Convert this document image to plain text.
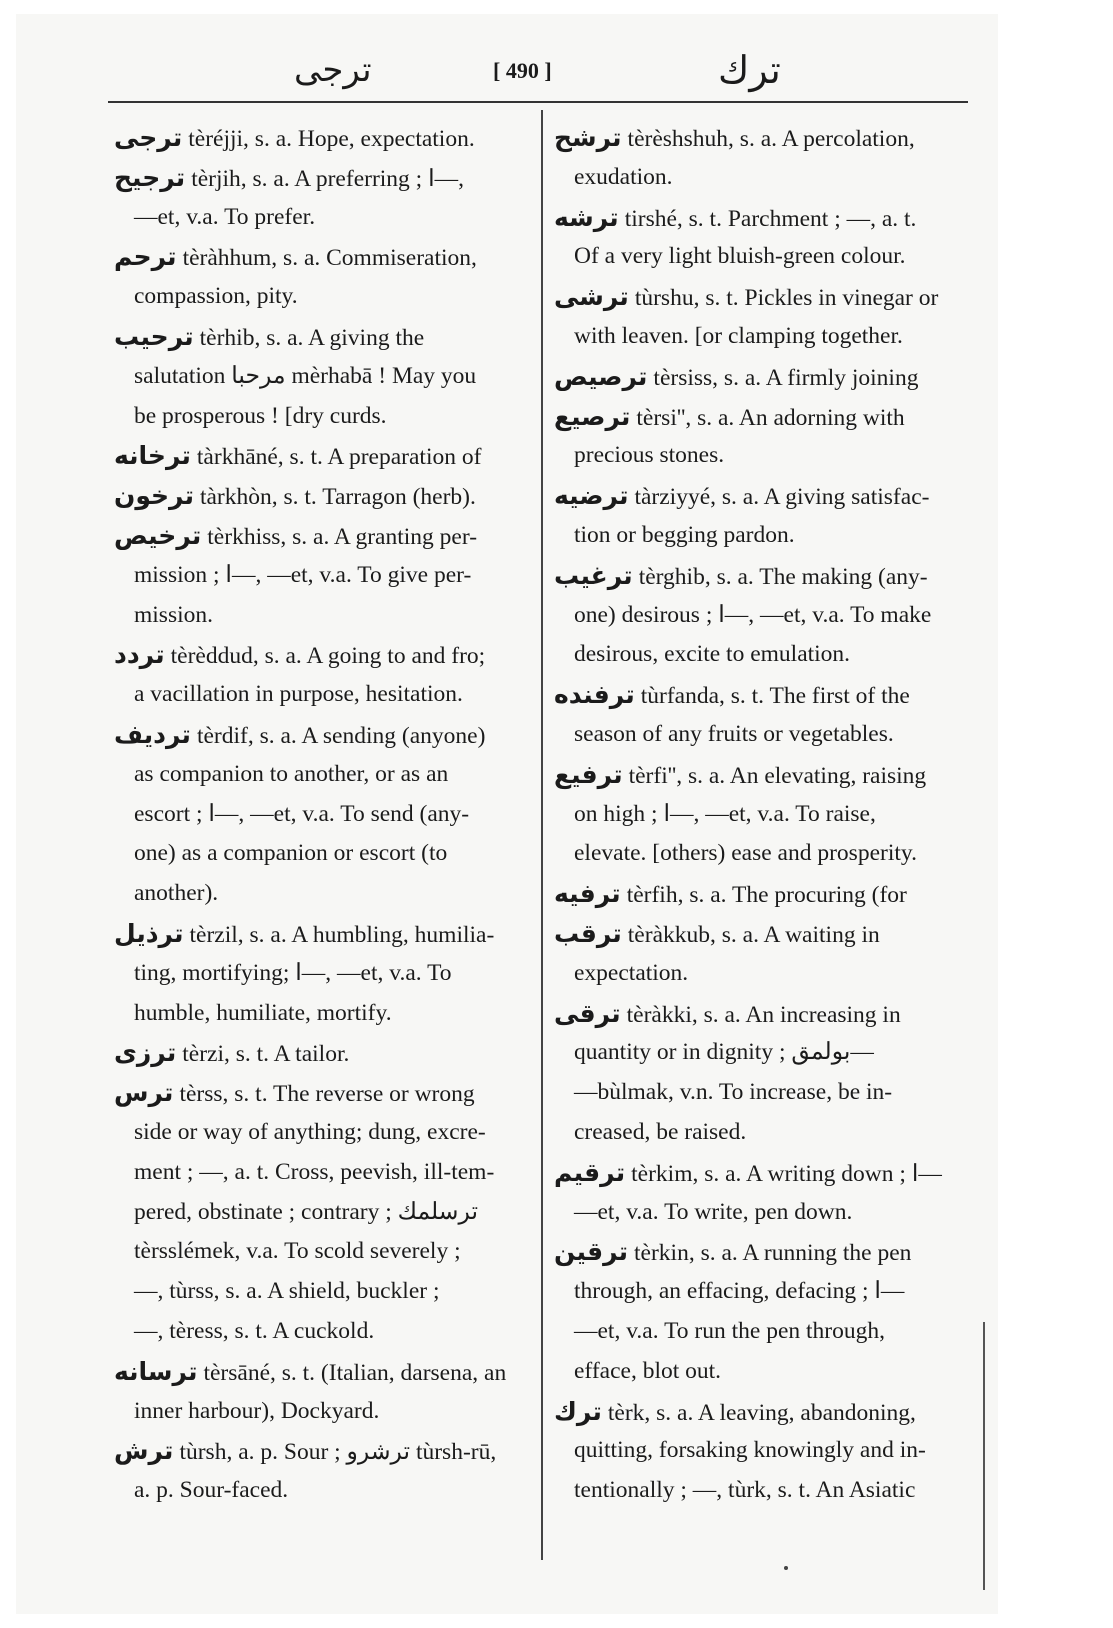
ترجى	[ 490 ]	ترك
ترجى tèréjji, s. a. Hope, expectation.
ترجيح tèrjih, s. a. A preferring ; ا—,
—et, v.a. To prefer.
ترحم tèràhhum, s. a. Commiseration,
compassion, pity.
ترحيب tèrhib, s. a. A giving the
salutation مرحبا mèrhabā ! May you
be prosperous ! [dry curds.
ترخانه tàrkhāné, s. t. A preparation of
ترخون tàrkhòn, s. t. Tarragon (herb).
ترخيص tèrkhiss, s. a. A granting per-
mission ; ا—, —et, v.a. To give per-
mission.
تردد tèrèddud, s. a. A going to and fro;
a vacillation in purpose, hesitation.
ترديف tèrdif, s. a. A sending (anyone)
as companion to another, or as an
escort ; ا—, —et, v.a. To send (any-
one) as a companion or escort (to
another).
ترذيل tèrzil, s. a. A humbling, humilia-
ting, mortifying; ا—, —et, v.a. To
humble, humiliate, mortify.
ترزى tèrzi, s. t. A tailor.
ترس tèrss, s. t. The reverse or wrong
side or way of anything; dung, excre-
ment ; —, a. t. Cross, peevish, ill-tem-
pered, obstinate ; contrary ; ترسلمك
tèrsslémek, v.a. To scold severely ;
—, tùrss, s. a. A shield, buckler ;
—, tèress, s. t. A cuckold.
ترسانه tèrsāné, s. t. (Italian, darsena, an
inner harbour), Dockyard.
ترش tùrsh, a. p. Sour ; ترشرو tùrsh-rū,
a. p. Sour-faced.
ترشح tèrèshshuh, s. a. A percolation,
exudation.
ترشه tirshé, s. t. Parchment ; —, a. t.
Of a very light bluish-green colour.
ترشى tùrshu, s. t. Pickles in vinegar or
with leaven. [or clamping together.
ترصيص tèrsiss, s. a. A firmly joining
ترصيع tèrsi'', s. a. An adorning with
precious stones.
ترضيه tàrziyyé, s. a. A giving satisfac-
tion or begging pardon.
ترغيب tèrghib, s. a. The making (any-
one) desirous ; ا—, —et, v.a. To make
desirous, excite to emulation.
ترفنده tùrfanda, s. t. The first of the
season of any fruits or vegetables.
ترفيع tèrfi'', s. a. An elevating, raising
on high ; ا—, —et, v.a. To raise,
elevate. [others) ease and prosperity.
ترفيه tèrfih, s. a. The procuring (for
ترقب tèràkkub, s. a. A waiting in
expectation.
ترقى tèràkki, s. a. An increasing in
quantity or in dignity ; بولمق—
—bùlmak, v.n. To increase, be in-
creased, be raised.
ترقيم tèrkim, s. a. A writing down ; ا—
—et, v.a. To write, pen down.
ترقين tèrkin, s. a. A running the pen
through, an effacing, defacing ; ا—
—et, v.a. To run the pen through,
efface, blot out.
ترك tèrk, s. a. A leaving, abandoning,
quitting, forsaking knowingly and in-
tentionally ; —, tùrk, s. t. An Asiatic
